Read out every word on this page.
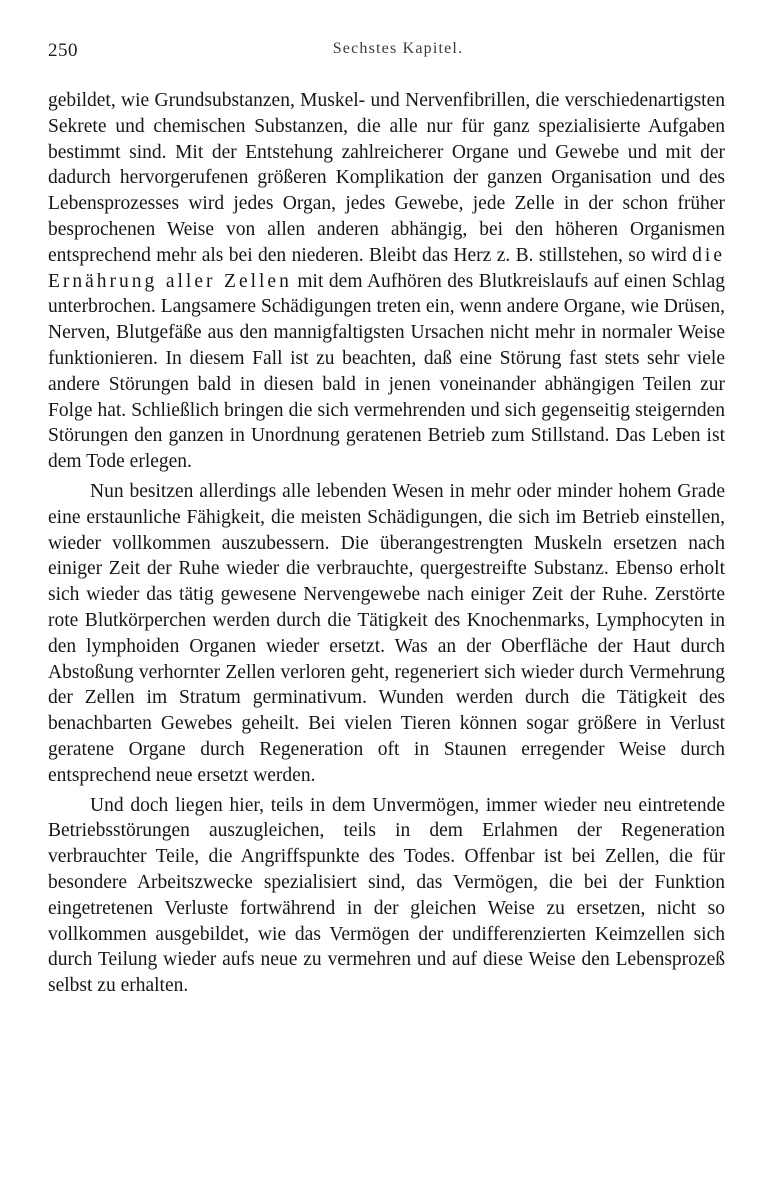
250	Sechstes Kapitel.

gebildet, wie Grundsubstanzen, Muskel- und Nervenfibrillen, die verschiedenartigsten Sekrete und chemischen Substanzen, die alle nur für ganz spezialisierte Aufgaben bestimmt sind. Mit der Entstehung zahlreicherer Organe und Gewebe und mit der dadurch hervorgerufenen größeren Komplikation der ganzen Organisation und des Lebensprozesses wird jedes Organ, jedes Gewebe, jede Zelle in der schon früher besprochenen Weise von allen anderen abhängig, bei den höheren Organismen entsprechend mehr als bei den niederen. Bleibt das Herz z. B. stillstehen, so wird die Ernährung aller Zellen mit dem Aufhören des Blutkreislaufs auf einen Schlag unterbrochen. Langsamere Schädigungen treten ein, wenn andere Organe, wie Drüsen, Nerven, Blutgefäße aus den mannigfaltigsten Ursachen nicht mehr in normaler Weise funktionieren. In diesem Fall ist zu beachten, daß eine Störung fast stets sehr viele andere Störungen bald in diesen bald in jenen voneinander abhängigen Teilen zur Folge hat. Schließlich bringen die sich vermehrenden und sich gegenseitig steigernden Störungen den ganzen in Unordnung geratenen Betrieb zum Stillstand. Das Leben ist dem Tode erlegen.

Nun besitzen allerdings alle lebenden Wesen in mehr oder minder hohem Grade eine erstaunliche Fähigkeit, die meisten Schädigungen, die sich im Betrieb einstellen, wieder vollkommen auszubessern. Die überangestrengten Muskeln ersetzen nach einiger Zeit der Ruhe wieder die verbrauchte, quergestreifte Substanz. Ebenso erholt sich wieder das tätig gewesene Nervengewebe nach einiger Zeit der Ruhe. Zerstörte rote Blutkörperchen werden durch die Tätigkeit des Knochenmarks, Lymphocyten in den lymphoiden Organen wieder ersetzt. Was an der Oberfläche der Haut durch Abstoßung verhornter Zellen verloren geht, regeneriert sich wieder durch Vermehrung der Zellen im Stratum germinativum. Wunden werden durch die Tätigkeit des benachbarten Gewebes geheilt. Bei vielen Tieren können sogar größere in Verlust geratene Organe durch Regeneration oft in Staunen erregender Weise durch entsprechend neue ersetzt werden.

Und doch liegen hier, teils in dem Unvermögen, immer wieder neu eintretende Betriebsstörungen auszugleichen, teils in dem Erlahmen der Regeneration verbrauchter Teile, die Angriffspunkte des Todes. Offenbar ist bei Zellen, die für besondere Arbeitszwecke spezialisiert sind, das Vermögen, die bei der Funktion eingetretenen Verluste fortwährend in der gleichen Weise zu ersetzen, nicht so vollkommen ausgebildet, wie das Vermögen der undifferenzierten Keimzellen sich durch Teilung wieder aufs neue zu vermehren und auf diese Weise den Lebensprozeß selbst zu erhalten.
